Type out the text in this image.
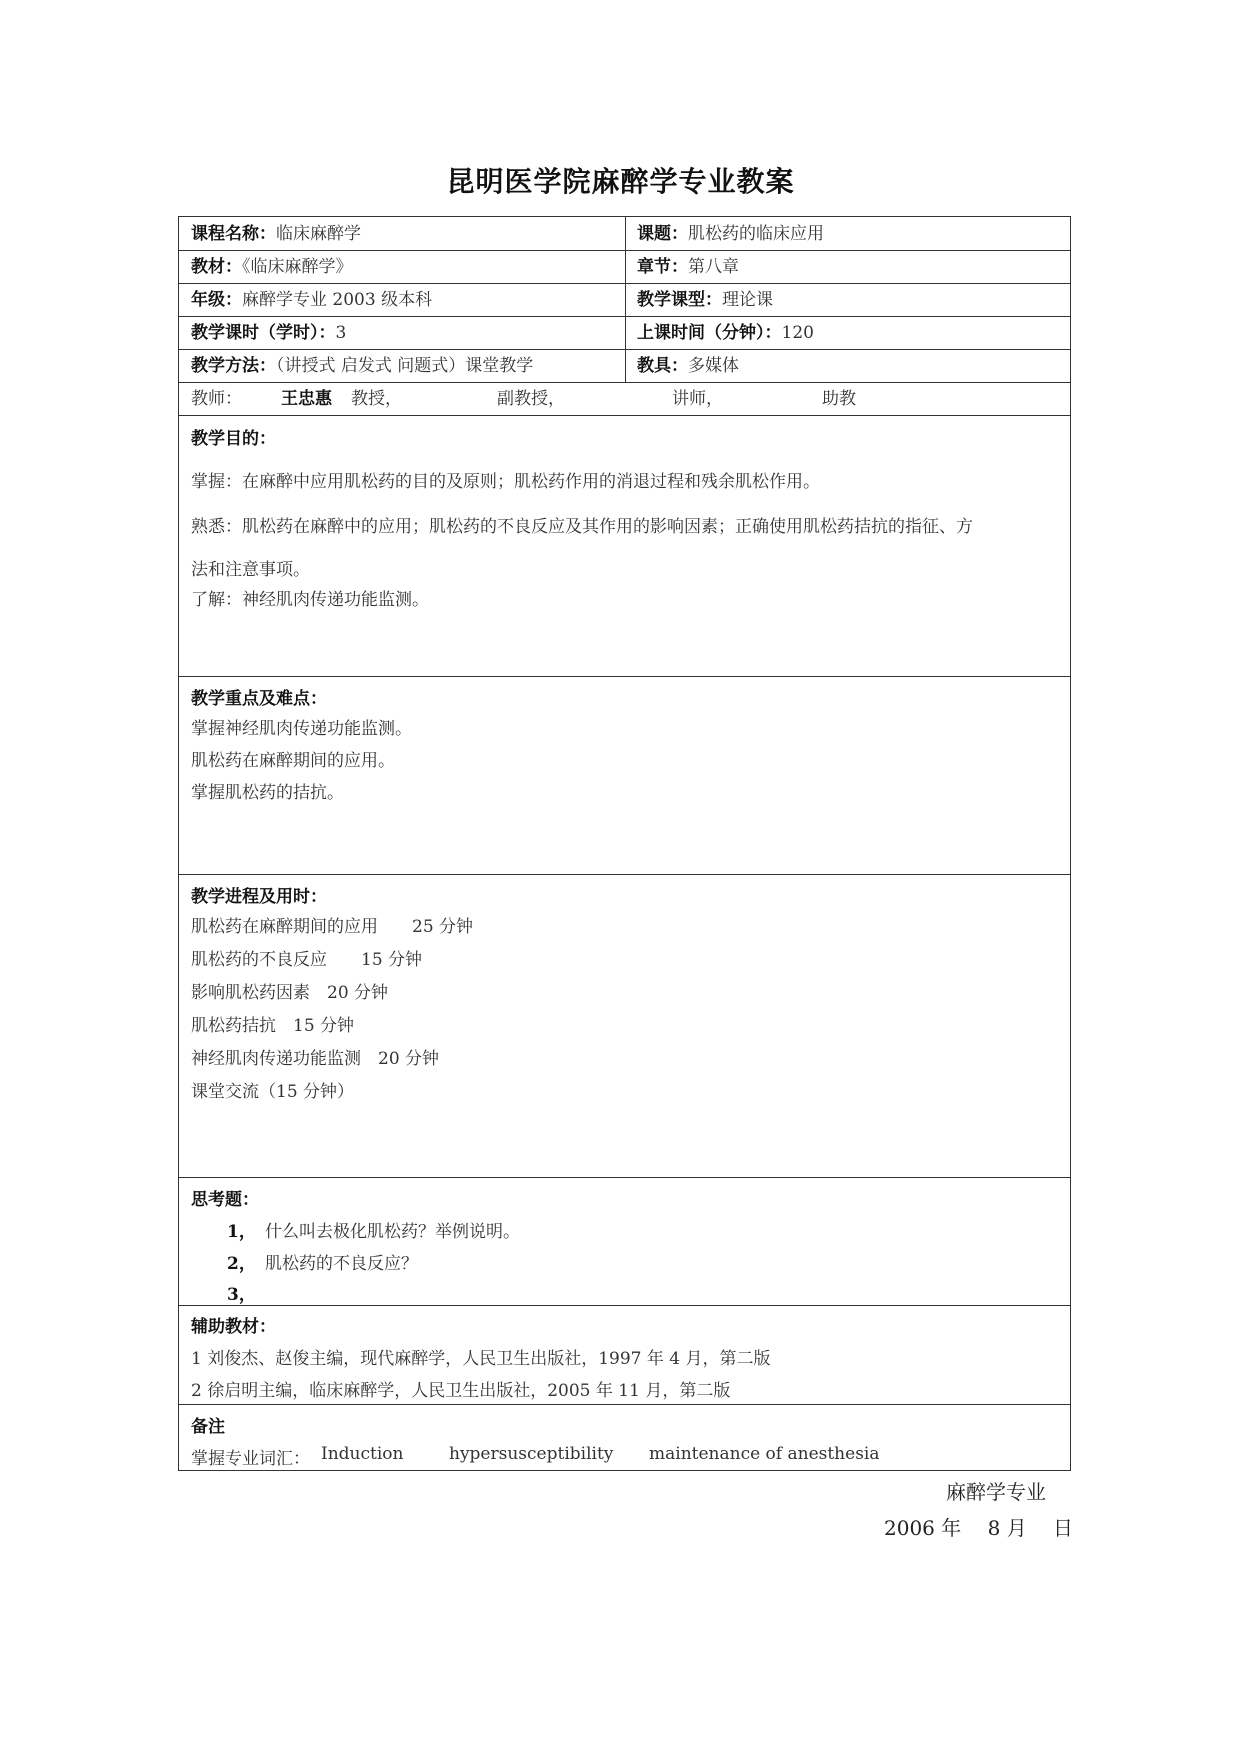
昆明医学院麻醉学专业教案
课程名称：临床麻醉学	课题：肌松药的临床应用
教材：《临床麻醉学》	章节：第八章
年级：麻醉学专业 2003 级本科	教学课型：理论课
教学课时（学时）：3	上课时间（分钟）：120
教学方法：（讲授式 启发式 问题式）课堂教学	教具：多媒体
教师： 王忠惠 教授，	副教授，	讲师，	助教
教学目的：
掌握：在麻醉中应用肌松药的目的及原则；肌松药作用的消退过程和残余肌松作用。
熟悉：肌松药在麻醉中的应用；肌松药的不良反应及其作用的影响因素；正确使用肌松药拮抗的指征、方
法和注意事项。
了解：神经肌肉传递功能监测。
教学重点及难点：
掌握神经肌肉传递功能监测。
肌松药在麻醉期间的应用。
掌握肌松药的拮抗。
教学进程及用时：
肌松药在麻醉期间的应用　　25 分钟
肌松药的不良反应　　15 分钟
影响肌松药因素　20 分钟
肌松药拮抗　15 分钟
神经肌肉传递功能监测　20 分钟
课堂交流（15 分钟）
思考题：
1， 什么叫去极化肌松药？举例说明。
2， 肌松药的不良反应？
3，
辅助教材：
1 刘俊杰、赵俊主编，现代麻醉学，人民卫生出版社，1997 年 4 月，第二版
2 徐启明主编，临床麻醉学，人民卫生出版社，2005 年 11 月，第二版
备注
掌握专业词汇： Induction	hypersusceptibility maintenance of anesthesia
麻醉学专业
2006 年　 8 月　 日
